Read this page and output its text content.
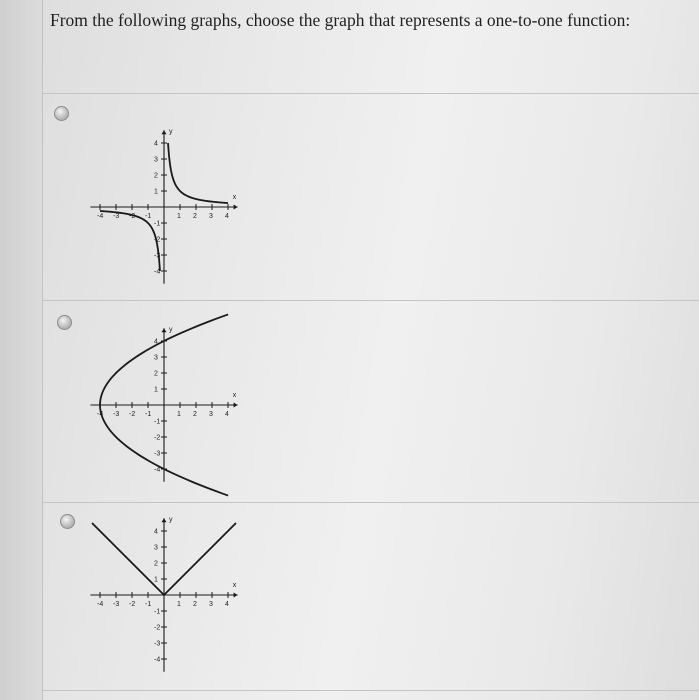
From the following graphs, choose the graph that represents a one-to-one function:
x
y
-4 -3 -2 -1	1 2 3 4
4
3
2
1
-1
-2
-3
-4
x
y
-4 -3 -2 -1	1 2 3 4
4
3
2
1
-1
-2
-3
-4
x
y
-4 -3 -2 -1	1 2 3 4
4
3
2
1
-1
-2
-3
-4
